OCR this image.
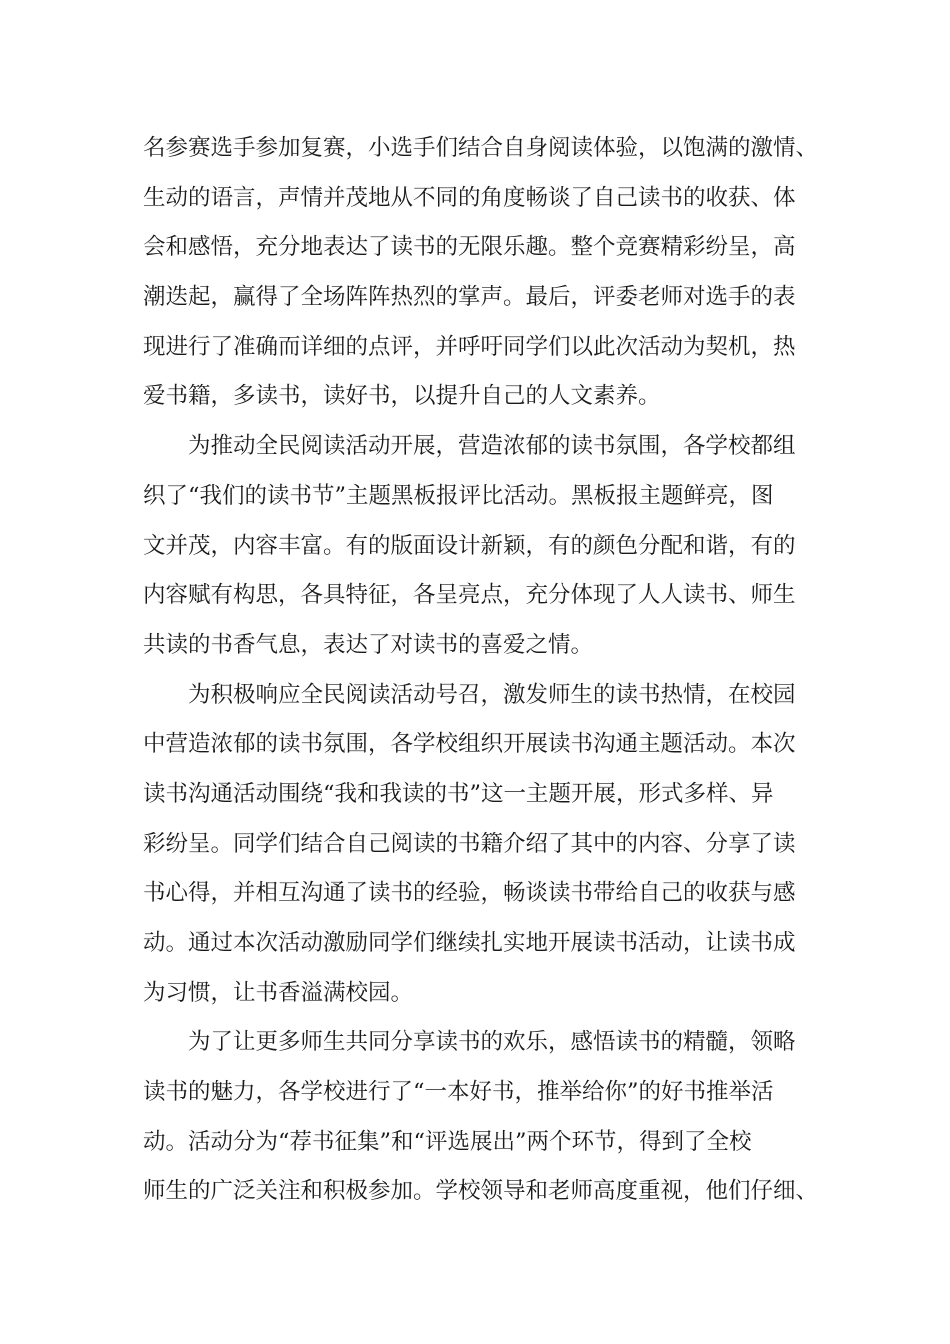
名参赛选手参加复赛，小选手们结合自身阅读体验，以饱满的激情、
生动的语言，声情并茂地从不同的角度畅谈了自己读书的收获、体
会和感悟，充分地表达了读书的无限乐趣。整个竞赛精彩纷呈，高
潮迭起，赢得了全场阵阵热烈的掌声。最后，评委老师对选手的表
现进行了准确而详细的点评，并呼吁同学们以此次活动为契机，热
爱书籍，多读书，读好书，以提升自己的人文素养。
为推动全民阅读活动开展，营造浓郁的读书氛围，各学校都组
织了“我们的读书节”主题黑板报评比活动。黑板报主题鲜亮，图
文并茂，内容丰富。有的版面设计新颖，有的颜色分配和谐，有的
内容赋有构思，各具特征，各呈亮点，充分体现了人人读书、师生
共读的书香气息，表达了对读书的喜爱之情。
为积极响应全民阅读活动号召，激发师生的读书热情，在校园
中营造浓郁的读书氛围，各学校组织开展读书沟通主题活动。本次
读书沟通活动围绕“我和我读的书”这一主题开展，形式多样、异
彩纷呈。同学们结合自己阅读的书籍介绍了其中的内容、分享了读
书心得，并相互沟通了读书的经验，畅谈读书带给自己的收获与感
动。通过本次活动激励同学们继续扎实地开展读书活动，让读书成
为习惯，让书香溢满校园。
为了让更多师生共同分享读书的欢乐，感悟读书的精髓，领略
读书的魅力，各学校进行了“一本好书，推举给你”的好书推举活
动。活动分为“荐书征集”和“评选展出”两个环节，得到了全校
师生的广泛关注和积极参加。学校领导和老师高度重视，他们仔细、
